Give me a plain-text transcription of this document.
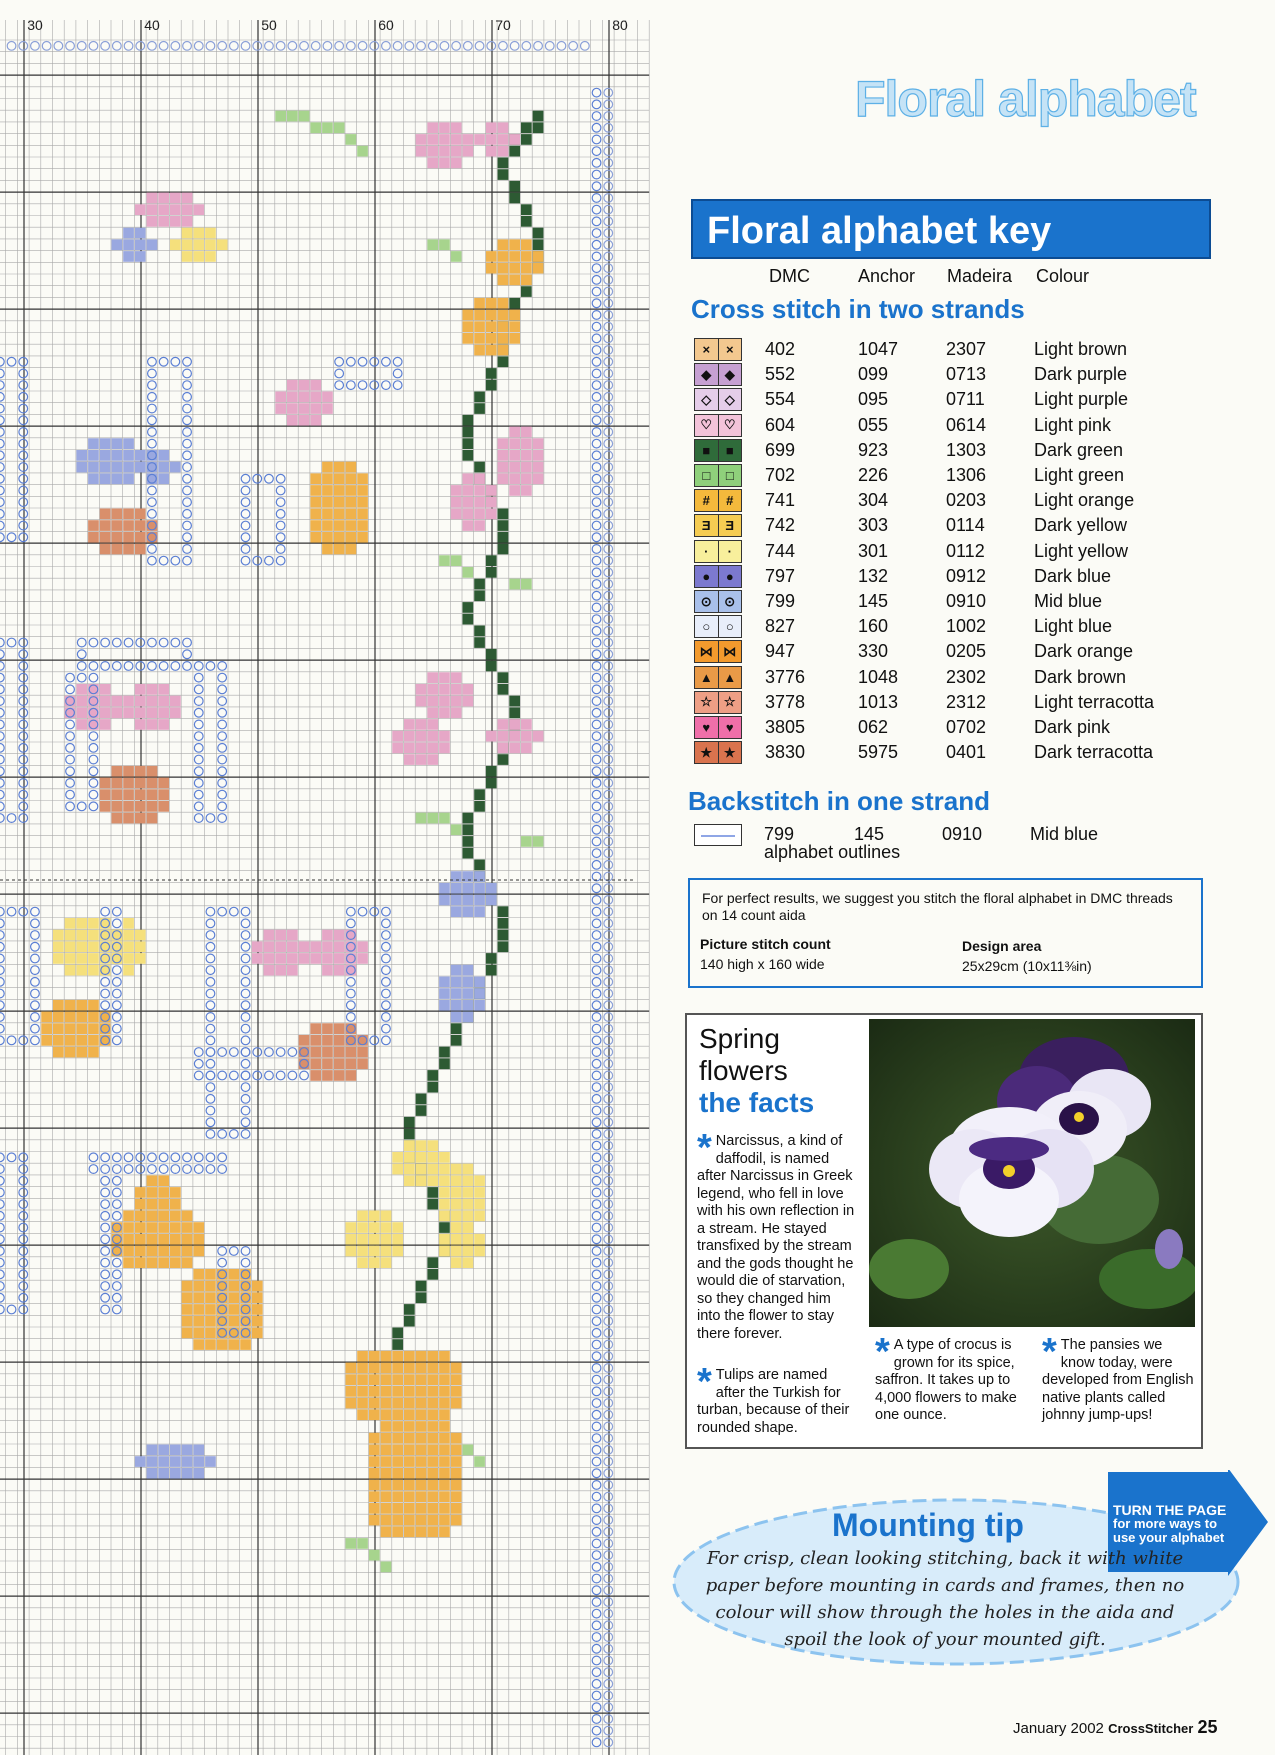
30	40	50	60	70	80
Floral alphabet
Floral alphabet key
DMC	Anchor Madeira Colour
Cross stitch in two strands
×	×	402	1047	2307	Light brown
◆	◆	552	099	0713	Dark purple
◇	◇	554	095	0711	Light purple
♡ ♡	604	055	0614	Light pink
■	■	699	923	1303	Dark green
□	□	702	226	1306	Light green
#	#	741	304	0203	Light orange
Ǝ	Ǝ	742	303	0114	Dark yellow
·	·	744	301	0112	Light yellow
●	●	797	132	0912	Dark blue
⊙ ⊙	799	145	0910	Mid blue
○	○	827	160	1002	Light blue
⋈ ⋈ 947	330	0205	Dark orange
▲ ▲ 3776	1048	2302	Dark brown
☆ ☆	3778	1013	2312	Light terracotta
♥	♥	3805	062	0702	Dark pink
★ ★	3830	5975	0401	Dark terracotta
Backstitch in one strand
799	145	0910	Mid blue
alphabet outlines
For perfect results, we suggest you stitch the floral alphabet in DMC threads on 14 count aida
Picture stitch count
140 high x 160 wide
Design area
25x29cm (10x11⅜in)
Spring
flowers
the facts
* Narcissus, a kind of daffodil, is named after Narcissus in Greek legend, who fell in love with his own reflection in a stream. He stayed transfixed by the stream and the gods thought he would die of starvation, so they changed him into the flower to stay there forever.
* Tulips are named after the Turkish for turban, because of their rounded shape.
* A type of crocus is grown for its spice, saffron. It takes up to 4,000 flowers to make one ounce.
* The pansies we know today, were developed from English native plants called johnny jump-ups!
Mounting tip
For crisp, clean looking stitching, back it with white paper before mounting in cards and frames, then no colour will show through the holes in the aida and spoil the look of your mounted gift.
TURN THE PAGE
for more ways to use your alphabet
January 2002 CrossStitcher 25
